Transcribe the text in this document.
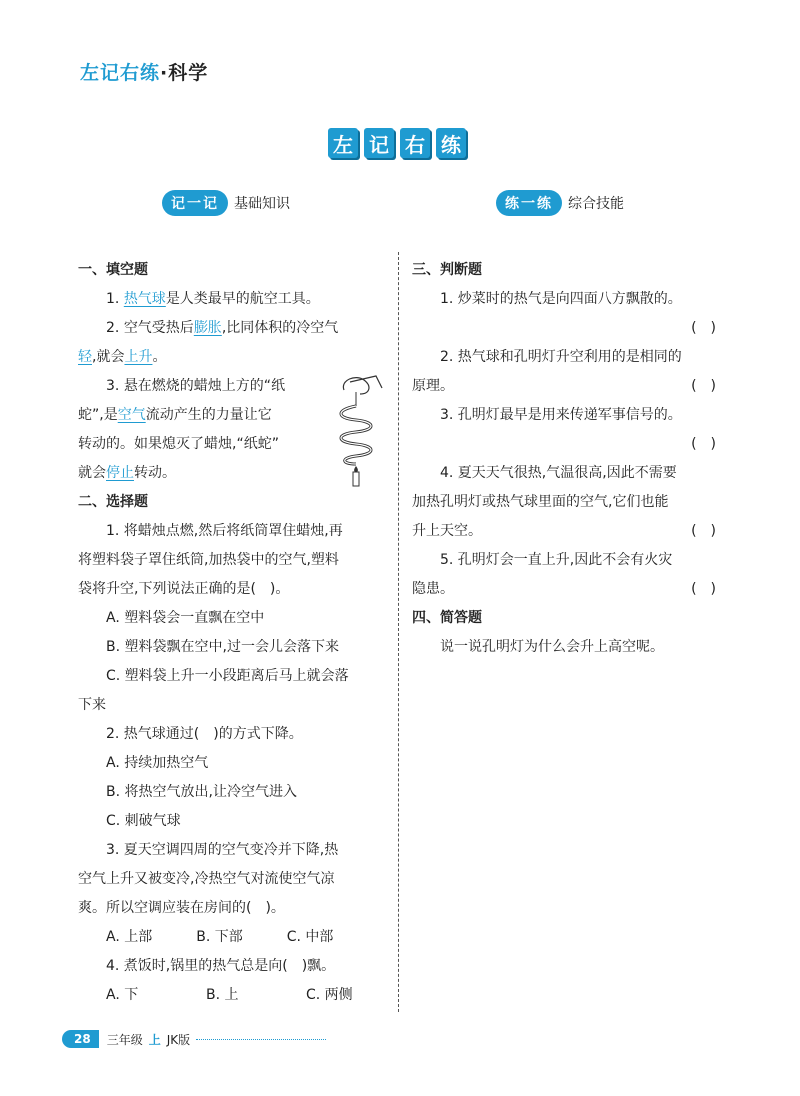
左记右练·科学
左 记 右 练
记一记	基础知识	练一练	综合技能

一、填空题

1. 热气球是人类最早的航空工具。

2. 空气受热后膨胀,比同体积的冷空气

轻,就会上升。

3. 悬在燃烧的蜡烛上方的“纸

蛇”,是空气流动产生的力量让它

转动的。如果熄灭了蜡烛,“纸蛇”

就会停止转动。

二、选择题

1. 将蜡烛点燃,然后将纸筒罩住蜡烛,再

将塑料袋子罩住纸筒,加热袋中的空气,塑料

袋将升空,下列说法正确的是(　)。

A. 塑料袋会一直飘在空中

B. 塑料袋飘在空中,过一会儿会落下来

C. 塑料袋上升一小段距离后马上就会落

下来

2. 热气球通过(　)的方式下降。

A. 持续加热空气

B. 将热空气放出,让冷空气进入

C. 刺破气球

3. 夏天空调四周的空气变冷并下降,热

空气上升又被变冷,冷热空气对流使空气凉

爽。所以空调应装在房间的(　)。

A. 上部	B. 下部	C. 中部

4. 煮饭时,锅里的热气总是向(　)飘。

A. 下	B. 上	C. 两侧

三、判断题

1. 炒菜时的热气是向四面八方飘散的。

(　)

2. 热气球和孔明灯升空利用的是相同的

原理。	(　)

3. 孔明灯最早是用来传递军事信号的。

(　)

4. 夏天天气很热,气温很高,因此不需要

加热孔明灯或热气球里面的空气,它们也能

升上天空。	(　)

5. 孔明灯会一直上升,因此不会有火灾

隐患。	(　)

四、简答题

说一说孔明灯为什么会升上高空呢。

28	三年级 上 JK版
